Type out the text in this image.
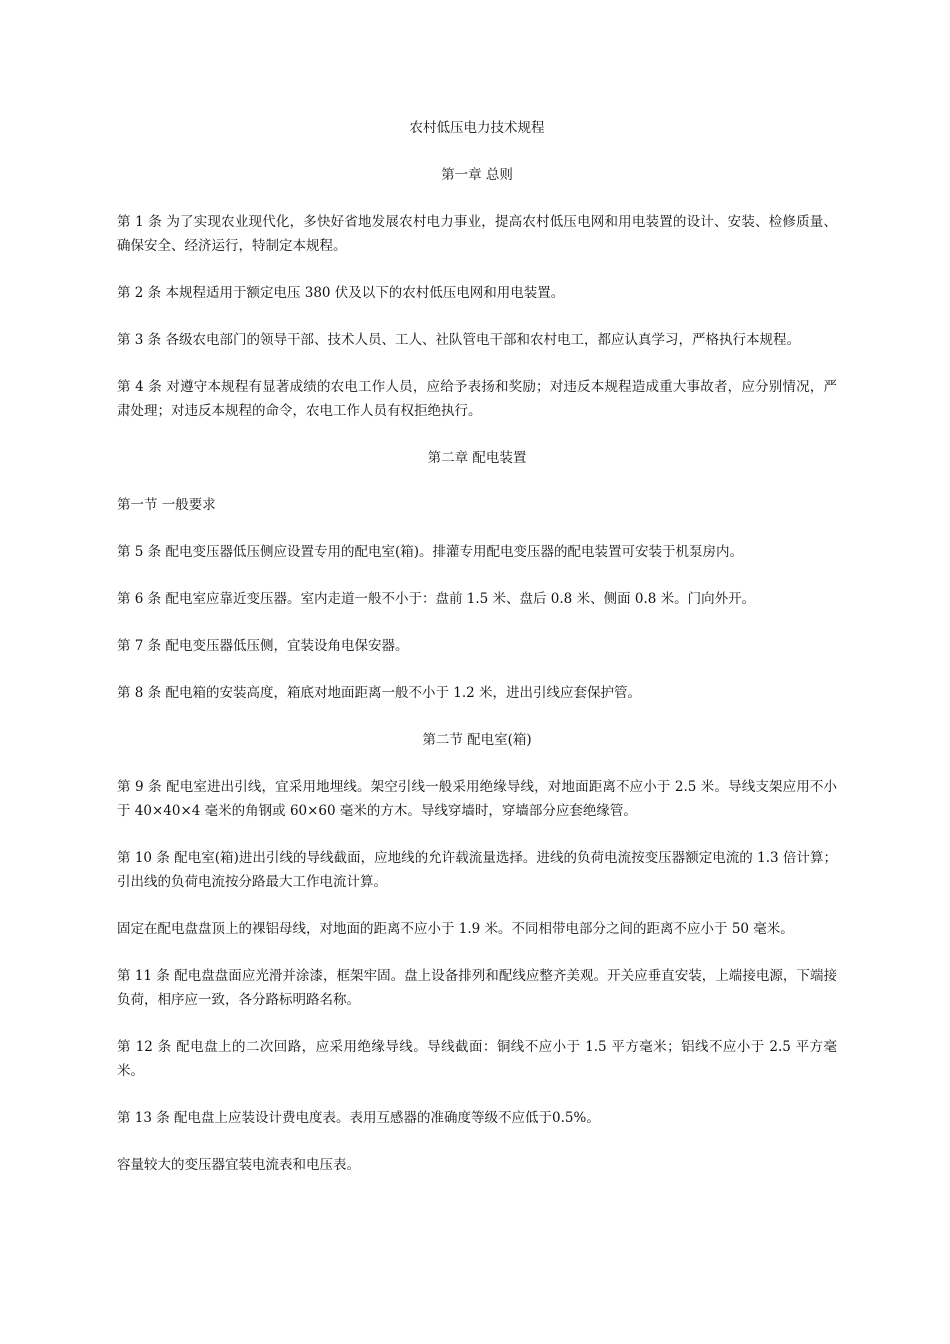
农村低压电力技术规程

第一章 总则

第 1 条 为了实现农业现代化，多快好省地发展农村电力事业，提高农村低压电网和用电装置的设计、安装、检修质量、确保安全、经济运行，特制定本规程。

第 2 条 本规程适用于额定电压 380 伏及以下的农村低压电网和用电装置。

第 3 条 各级农电部门的领导干部、技术人员、工人、社队管电干部和农村电工，都应认真学习，严格执行本规程。

第 4 条 对遵守本规程有显著成绩的农电工作人员，应给予表扬和奖励；对违反本规程造成重大事故者，应分别情况，严肃处理；对违反本规程的命令，农电工作人员有权拒绝执行。

第二章 配电装置

第一节 一般要求

第 5 条 配电变压器低压侧应设置专用的配电室(箱)。排灌专用配电变压器的配电装置可安装于机泵房内。

第 6 条 配电室应靠近变压器。室内走道一般不小于：盘前 1.5 米、盘后 0.8 米、侧面 0.8 米。门向外开。

第 7 条 配电变压器低压侧，宜装设角电保安器。

第 8 条 配电箱的安装高度，箱底对地面距离一般不小于 1.2 米，进出引线应套保护管。

第二节 配电室(箱)

第 9 条 配电室进出引线，宜采用地埋线。架空引线一般采用绝缘导线，对地面距离不应小于 2.5 米。导线支架应用不小于 40×40×4 毫米的角钢或 60×60 毫米的方木。导线穿墙时，穿墙部分应套绝缘管。

第 10 条 配电室(箱)进出引线的导线截面，应地线的允许载流量选择。进线的负荷电流按变压器额定电流的 1.3 倍计算；引出线的负荷电流按分路最大工作电流计算。

固定在配电盘盘顶上的裸铝母线，对地面的距离不应小于 1.9 米。不同相带电部分之间的距离不应小于 50 毫米。

第 11 条 配电盘盘面应光滑并涂漆，框架牢固。盘上设备排列和配线应整齐美观。开关应垂直安装，上端接电源，下端接负荷，相序应一致，各分路标明路名称。

第 12 条 配电盘上的二次回路，应采用绝缘导线。导线截面：铜线不应小于 1.5 平方毫米；铝线不应小于 2.5 平方毫米。

第 13 条 配电盘上应装设计费电度表。表用互感器的准确度等级不应低于0.5%。

容量较大的变压器宜装电流表和电压表。
